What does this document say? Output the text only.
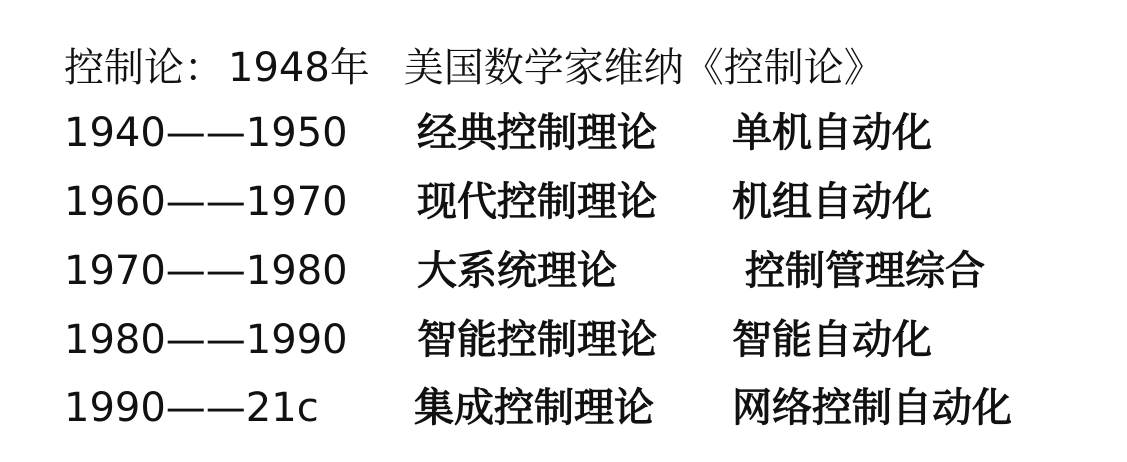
控制论： 1948年 美国数学家维纳《控制论》
1940——1950 经典控制理论 单机自动化
1960——1970 现代控制理论 机组自动化
1970——1980 大系统理论	控制管理综合
1980——1990 智能控制理论 智能自动化
1990——21c 集成控制理论 网络控制自动化
